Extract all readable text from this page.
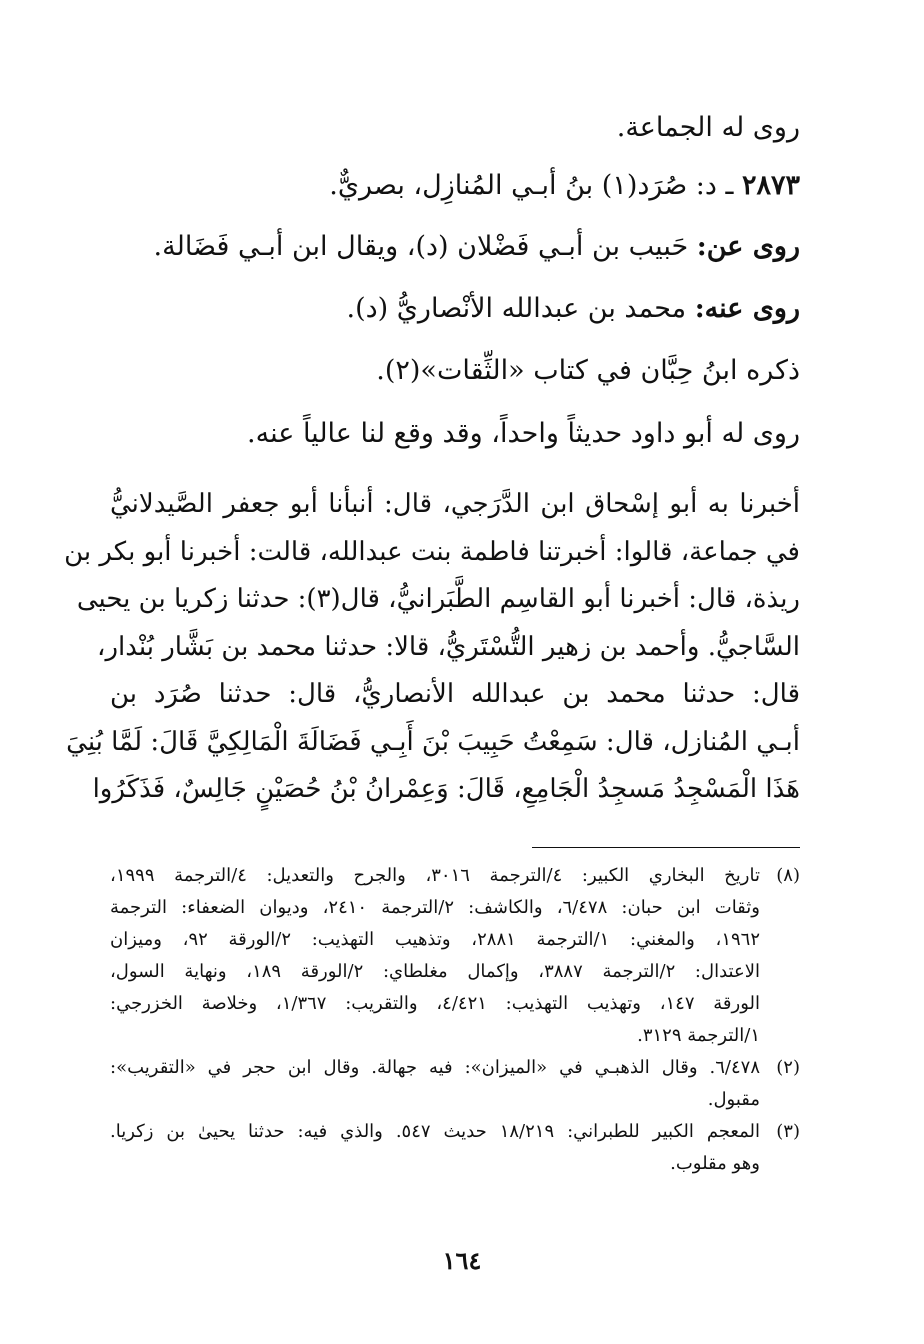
روى له الجماعة.

٢٨٧٣ ـ د: صُرَد(١) بنُ أبـي المُنازِل، بصريٌّ.

روى عن: حَبيب بن أبـي فَضْلان (د)، ويقال ابن أبـي فَضَالة.

روى عنه: محمد بن عبدالله الأنْصاريُّ (د).

ذكره ابنُ حِبَّان في كتاب «الثِّقات»(٢).

روى له أبو داود حديثاً واحداً، وقد وقع لنا عالياً عنه.

أخبرنا به أبو إسْحاق ابن الدَّرَجي، قال: أنبأنا أبو جعفر الصَّيدلانيُّ
في جماعة، قالوا: أخبرتنا فاطمة بنت عبدالله، قالت: أخبرنا أبو بكر بن
ريذة، قال: أخبرنا أبو القاسِم الطَّبَرانيُّ، قال(٣): حدثنا زكريا بن يحيى
السَّاجيُّ. وأحمد بن زهير التُّسْتَريُّ، قالا: حدثنا محمد بن بَشَّار بُنْدار،
قال: حدثنا محمد بن عبدالله الأنصاريُّ، قال: حدثنا صُرَد بن
أبـي المُنازل، قال: سَمِعْتُ حَبِيبَ بْنَ أَبِـي فَضَالَةَ الْمَالِكِيَّ قَالَ: لَمَّا بُنِيَ
هَذَا الْمَسْجِدُ مَسجِدُ الْجَامِعِ، قَالَ: وَعِمْرانُ بْنُ حُصَيْنٍ جَالِسٌ، فَذَكَرُوا
(٨)
تاريخ البخاري الكبير: ٤/الترجمة ٣٠١٦، والجرح والتعديل: ٤/الترجمة ١٩٩٩،
وثقات ابن حبان: ٦/٤٧٨، والكاشف: ٢/الترجمة ٢٤١٠، وديوان الضعفاء: الترجمة
١٩٦٢، والمغني: ١/الترجمة ٢٨٨١، وتذهيب التهذيب: ٢/الورقة ٩٢، وميزان
الاعتدال: ٢/الترجمة ٣٨٨٧، وإكمال مغلطاي: ٢/الورقة ١٨٩، ونهاية السول،
الورقة ١٤٧، وتهذيب التهذيب: ٤/٤٢١، والتقريب: ١/٣٦٧، وخلاصة الخزرجي:
١/الترجمة ٣١٢٩.
(٢)
٦/٤٧٨. وقال الذهبـي في «الميزان»: فيه جهالة. وقال ابن حجر في «التقريب»:
مقبول.
(٣)
المعجم الكبير للطبراني: ١٨/٢١٩ حديث ٥٤٧. والذي فيه: حدثنا يحيىٰ بن زكريا.
وهو مقلوب.
١٦٤
